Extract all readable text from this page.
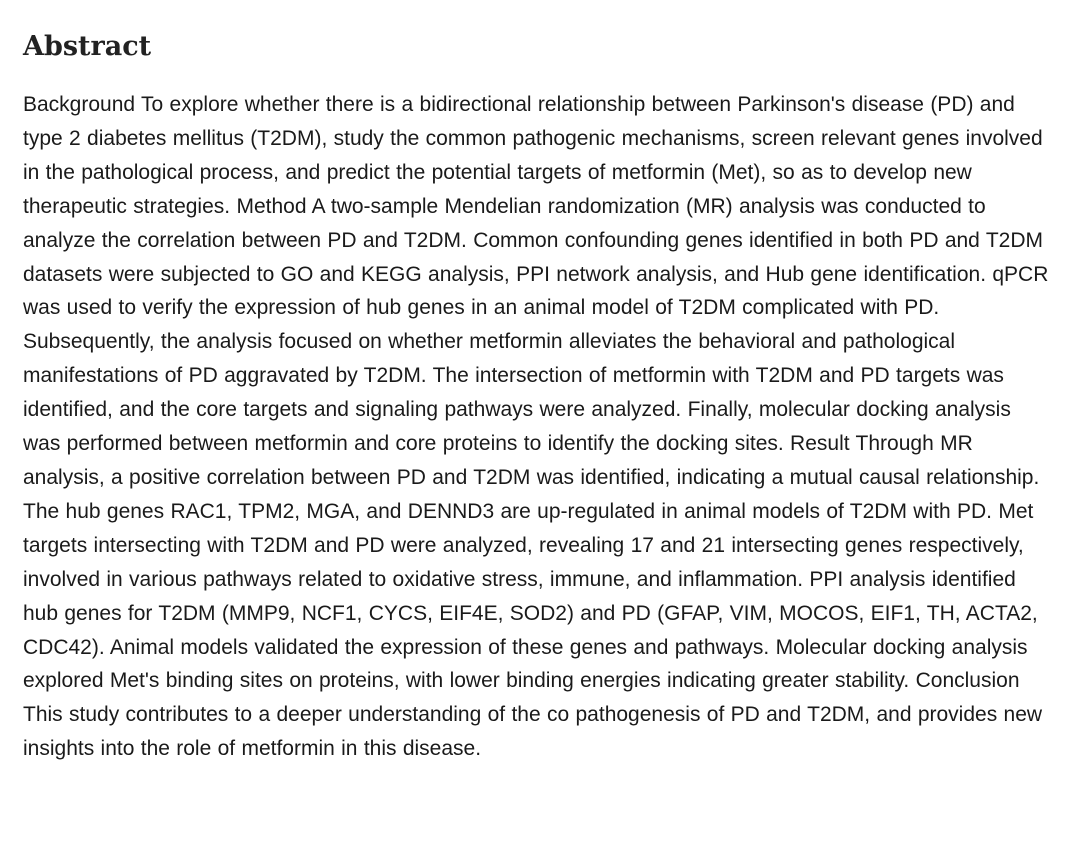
Abstract

Background To explore whether there is a bidirectional relationship between Parkinson's disease (PD) and type 2 diabetes mellitus (T2DM), study the common pathogenic mechanisms, screen relevant genes involved in the pathological process, and predict the potential targets of metformin (Met), so as to develop new therapeutic strategies. Method A two-sample Mendelian randomization (MR) analysis was conducted to analyze the correlation between PD and T2DM. Common confounding genes identified in both PD and T2DM datasets were subjected to GO and KEGG analysis, PPI network analysis, and Hub gene identification. qPCR was used to verify the expression of hub genes in an animal model of T2DM complicated with PD. Subsequently, the analysis focused on whether metformin alleviates the behavioral and pathological manifestations of PD aggravated by T2DM. The intersection of metformin with T2DM and PD targets was identified, and the core targets and signaling pathways were analyzed. Finally, molecular docking analysis was performed between metformin and core proteins to identify the docking sites. Result Through MR analysis, a positive correlation between PD and T2DM was identified, indicating a mutual causal relationship. The hub genes RAC1, TPM2, MGA, and DENND3 are up-regulated in animal models of T2DM with PD. Met targets intersecting with T2DM and PD were analyzed, revealing 17 and 21 intersecting genes respectively, involved in various pathways related to oxidative stress, immune, and inflammation. PPI analysis identified hub genes for T2DM (MMP9, NCF1, CYCS, EIF4E, SOD2) and PD (GFAP, VIM, MOCOS, EIF1, TH, ACTA2, CDC42). Animal models validated the expression of these genes and pathways. Molecular docking analysis explored Met's binding sites on proteins, with lower binding energies indicating greater stability. Conclusion This study contributes to a deeper understanding of the co pathogenesis of PD and T2DM, and provides new insights into the role of metformin in this disease.
